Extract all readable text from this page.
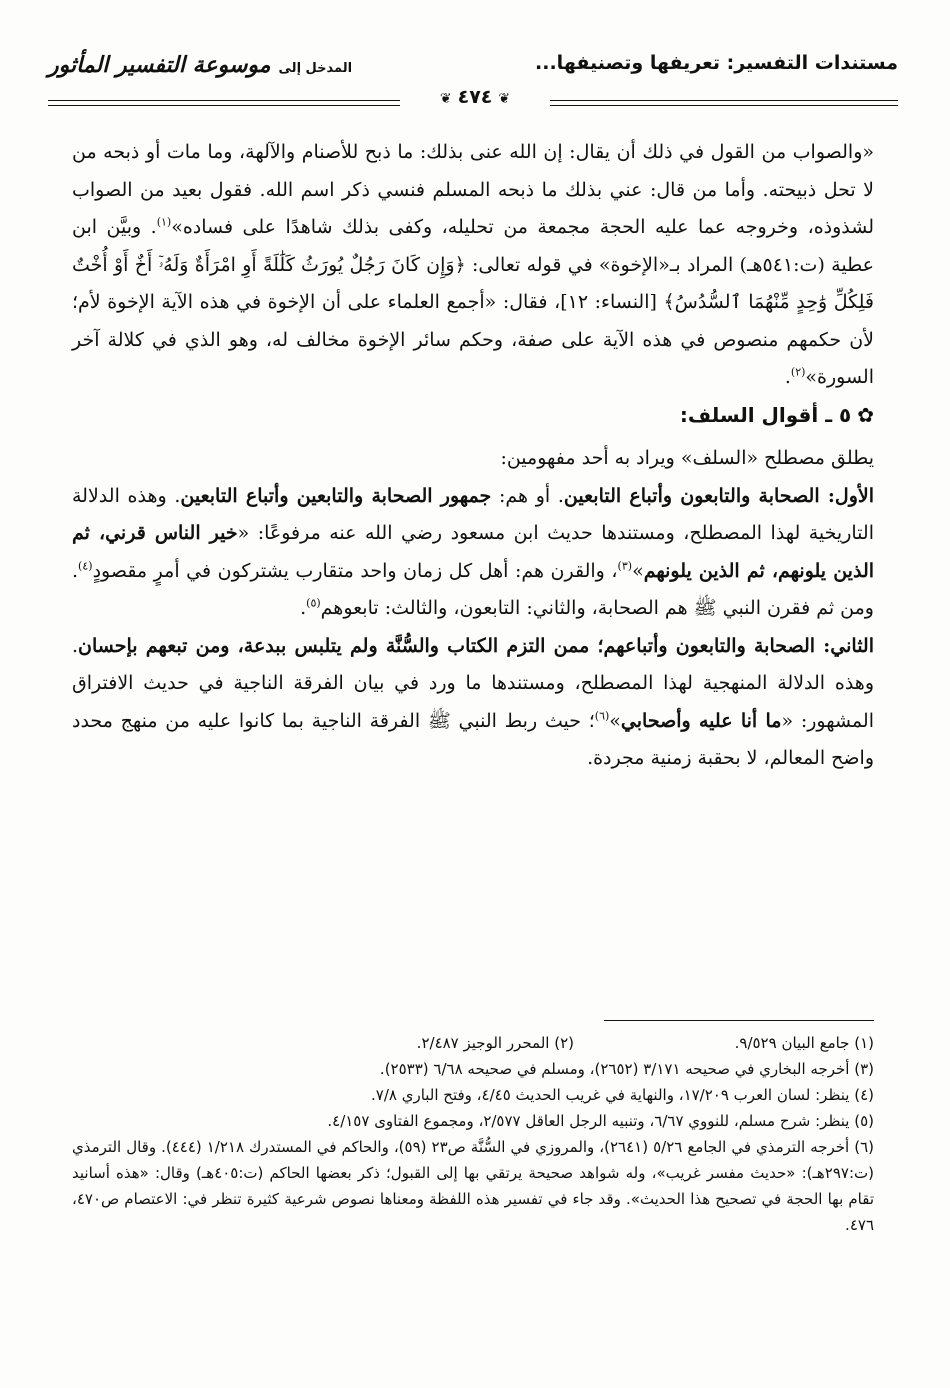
مستندات التفسير: تعريفها وتصنيفها...
المدخل إلى
موسوعة التفسير المأثور
❦٤٧٤❦

«والصواب من القول في ذلك أن يقال: إن الله عنى بذلك: ما ذبح للأصنام والآلهة، وما مات أو ذبحه من لا تحل ذبيحته. وأما من قال: عني بذلك ما ذبحه المسلم فنسي ذكر اسم الله. فقول بعيد من الصواب لشذوذه، وخروجه عما عليه الحجة مجمعة من تحليله، وكفى بذلك شاهدًا على فساده»$^{(١)}$. وبيَّن ابن عطية (ت:٥٤١هـ) المراد بـ«الإخوة» في قوله تعالى: ﴿وَإِن كَانَ رَجُلٌ يُورَثُ كَلَٰلَةً أَوِ امْرَأَةٌ وَلَهُۥٓ أَخٌ أَوْ أُخْتٌ فَلِكُلِّ وَٰحِدٍ مِّنْهُمَا ٱلسُّدُسُ﴾ [النساء: ١٢]، فقال: «أجمع العلماء على أن الإخوة في هذه الآية الإخوة لأم؛ لأن حكمهم منصوص في هذه الآية على صفة، وحكم سائر الإخوة مخالف له، وهو الذي في كلالة آخر السورة»$^{(٢)}$.

✿٥ ـ أقوال السلف:

يطلق مصطلح «السلف» ويراد به أحد مفهومين:

الأول: الصحابة والتابعون وأتباع التابعين. أو هم: جمهور الصحابة والتابعين وأتباع التابعين. وهذه الدلالة التاريخية لهذا المصطلح، ومستندها حديث ابن مسعود رضي الله عنه مرفوعًا: «خير الناس قرني، ثم الذين يلونهم، ثم الذين يلونهم»$^{(٣)}$، والقرن هم: أهل كل زمان واحد متقارب يشتركون في أمرٍ مقصودٍ$^{(٤)}$. ومن ثم فقرن النبي ﷺ هم الصحابة، والثاني: التابعون، والثالث: تابعوهم$^{(٥)}$.

الثاني: الصحابة والتابعون وأتباعهم؛ ممن التزم الكتاب والسُّنَّة ولم يتلبس ببدعة، ومن تبعهم بإحسان. وهذه الدلالة المنهجية لهذا المصطلح، ومستندها ما ورد في بيان الفرقة الناجية في حديث الافتراق المشهور: «ما أنا عليه وأصحابي»$^{(٦)}$؛ حيث ربط النبي ﷺ الفرقة الناجية بما كانوا عليه من منهج محدد واضح المعالم، لا بحقبة زمنية مجردة.

(١) جامع البيان ٩/٥٢٩.
(٢) المحرر الوجيز ٢/٤٨٧.

(٣) أخرجه البخاري في صحيحه ٣/١٧١ (٢٦٥٢)، ومسلم في صحيحه ٦/٦٨ (٢٥٣٣).

(٤) ينظر: لسان العرب ١٧/٢٠٩، والنهاية في غريب الحديث ٤/٤٥، وفتح الباري ٧/٨.

(٥) ينظر: شرح مسلم، للنووي ٦/٦٧، وتنبيه الرجل العاقل ٢/٥٧٧، ومجموع الفتاوى ٤/١٥٧.

(٦) أخرجه الترمذي في الجامع ٥/٢٦ (٢٦٤١)، والمروزي في السُّنَّة ص٢٣ (٥٩)، والحاكم في المستدرك ١/٢١٨ (٤٤٤). وقال الترمذي (ت:٢٩٧هـ): «حديث مفسر غريب»، وله شواهد صحيحة يرتقي بها إلى القبول؛ ذكر بعضها الحاكم (ت:٤٠٥هـ) وقال: «هذه أسانيد تقام بها الحجة في تصحيح هذا الحديث». وقد جاء في تفسير هذه اللفظة ومعناها نصوص شرعية كثيرة تنظر في: الاعتصام ص٤٧٠، ٤٧٦.
